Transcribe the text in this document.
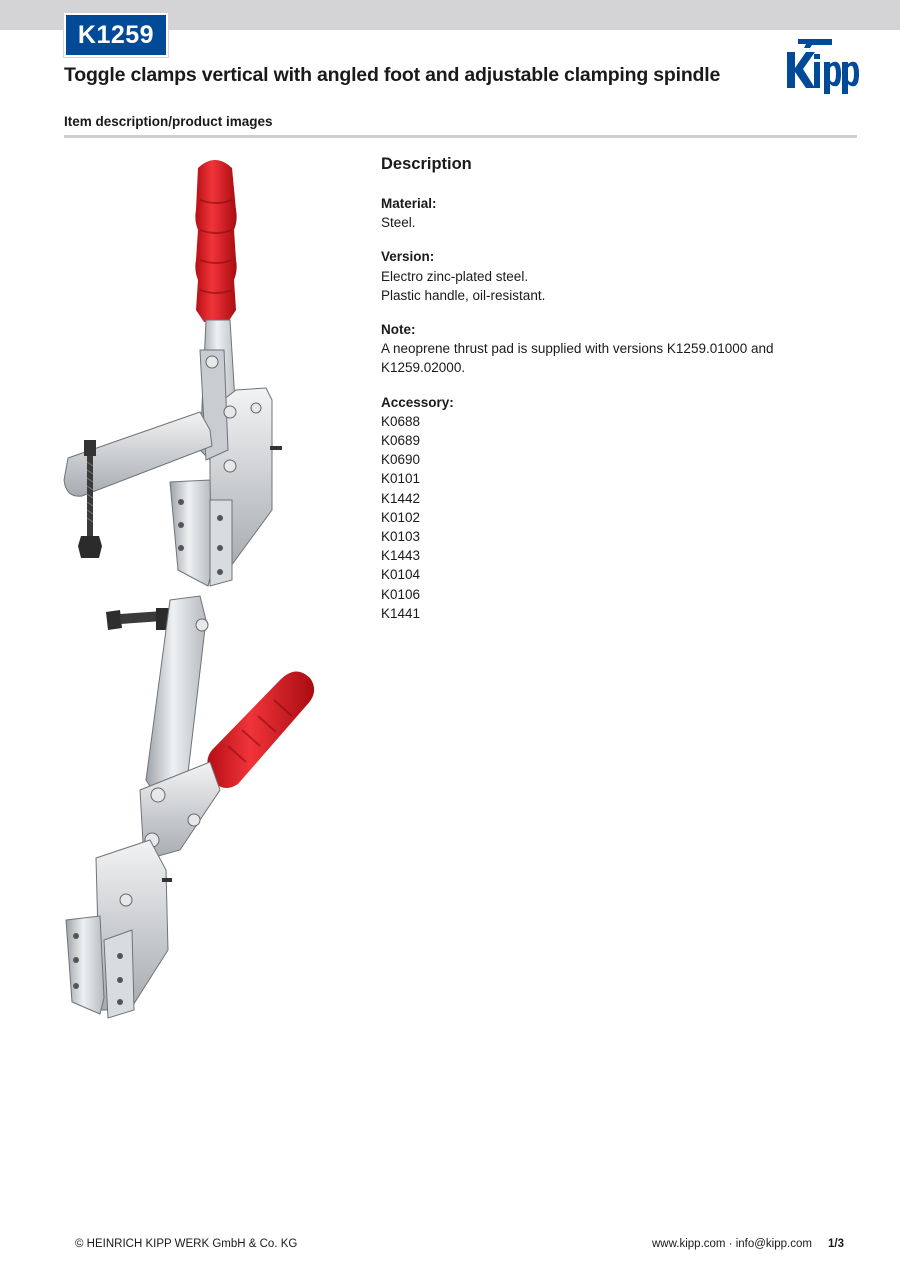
K1259
Toggle clamps vertical with angled foot and adjustable clamping spindle
Item description/product images
Description
Material:
Steel.
Version:
Electro zinc-plated steel.
Plastic handle, oil-resistant.
Note:
A neoprene thrust pad is supplied with versions K1259.01000 and K1259.02000.
Accessory:
K0688
K0689
K0690
K0101
K1442
K0102
K0103
K1443
K0104
K0106
K1441
© HEINRICH KIPP WERK GmbH & Co. KG	www.kipp.com · info@kipp.com 1/3
